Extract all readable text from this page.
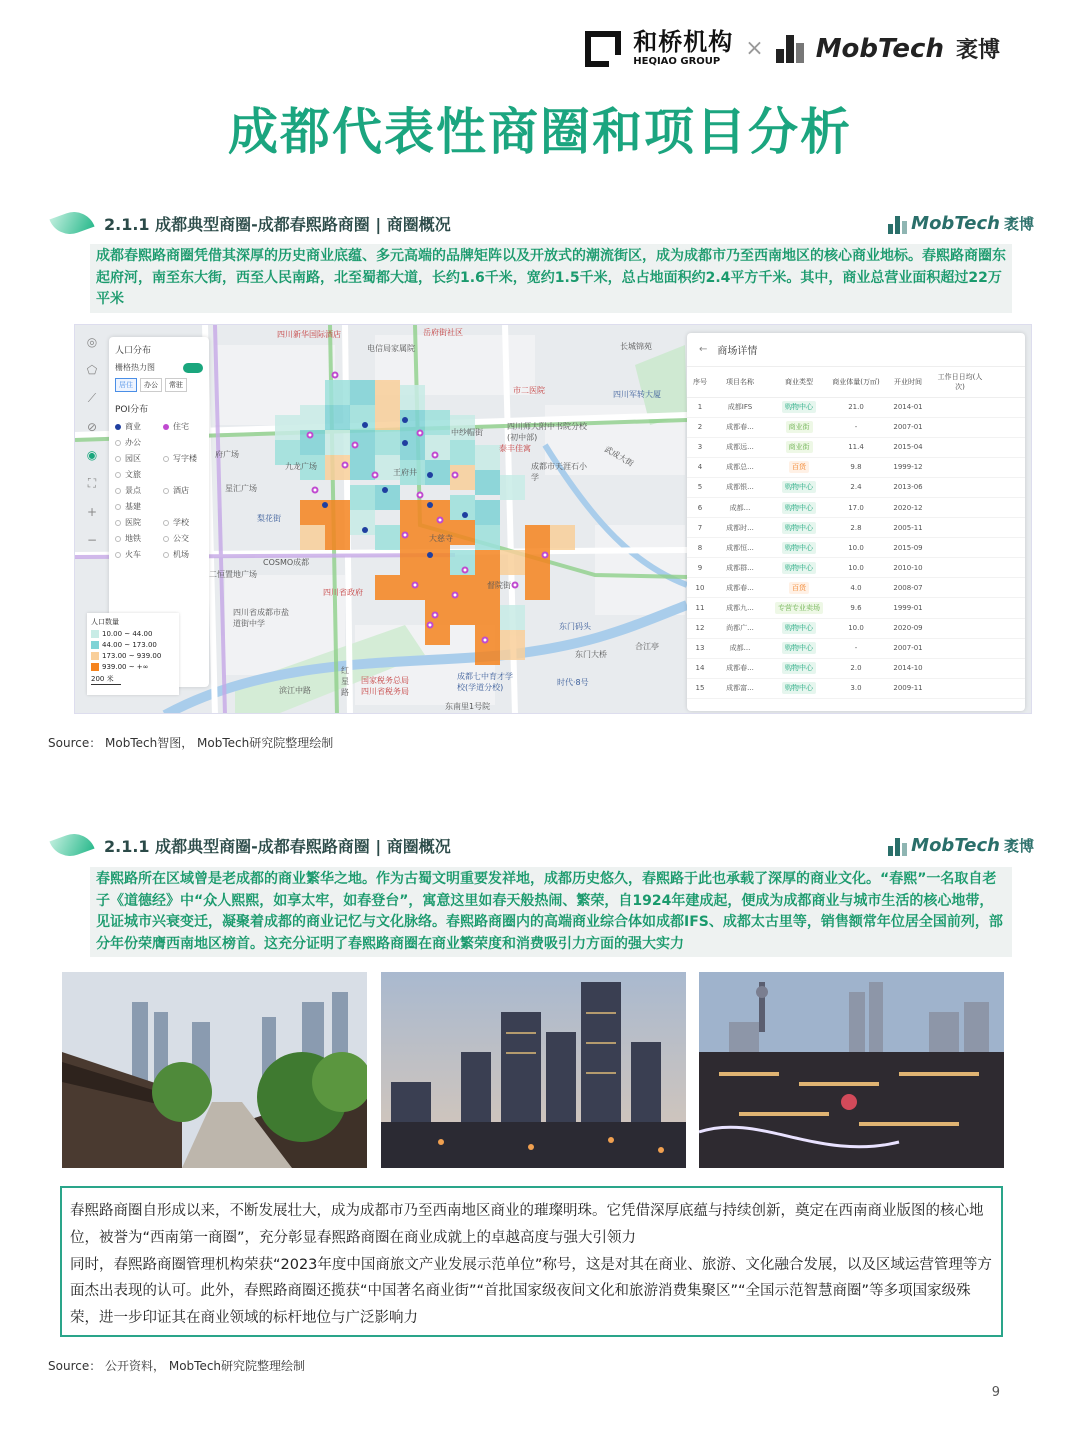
和桥机构
HEQIAO GROUP
× MobTech 袤博
成都代表性商圈和项目分析
2.1.1 成都典型商圈-成都春熙路商圈 | 商圈概况	MobTech 袤博
成都春熙路商圈凭借其深厚的历史商业底蕴、多元高端的品牌矩阵以及开放式的潮流街区，成为成都市乃至西南地区的核心商业地标。春熙路商圈东起府河，南至东大街，西至人民南路，北至蜀都大道，长约1.6千米，宽约1.5千米，总占地面积约2.4平方千米。其中，商业总营业面积超过22万平米
四川新华国际酒店
电信局家属院
岳府街社区
长城锦苑
市二医院	四川军转大厦
四川师大附中书院分校(初中部)
泰丰佳寓	武成大街
成都市天涯石小学
九龙广场
星汇广场
梨花街
COSMO成都
二恒置地广场
四川省政府
东门码头
东门大桥
时代·8号
四川省成都市盐道街中学
滨江中路
红星路
国家税务总局四川省税务局
东南里1号院
成都七中育才学校(学道分校)
大慈寺
王府井
合江亭
中纱帽街
督院街
府广场
◎
⬠
⟋
⊘
◉
⛶
+
−
人口分布
栅格热力图
居住	办公	常驻
POI分布
商业	住宅
办公
园区	写字楼
文旅
景点	酒店
基建
医院	学校
地铁	公交
火车	机场
人口数量
10.00 ~ 44.00
44.00 ~ 173.00
173.00 ~ 939.00
939.00 ~ +∞
200 米
← 商场详情
序号	项目名称	商业类型	商业体量(万㎡)	开业时间	工作日日均(人次)	
1	成都IFS	购物中心	21.0	2014-01		
2	成都春...	商业街	-	2007-01		
3	成都远...	商业街	11.4	2015-04		
4	成都总...	百货	9.8	1999-12		
5	成都银...	购物中心	2.4	2013-06		
6	成都...	购物中心	17.0	2020-12		
7	成都时...	购物中心	2.8	2005-11		
8	成都恒...	购物中心	10.0	2015-09		
9	成都群...	购物中心	10.0	2010-10		
10	成都春...	百货	4.0	2008-07		
11	成都九...	专营专业卖场	9.6	1999-01		
12	尚都广...	购物中心	10.0	2020-09		
13	成都...	购物中心	-	2007-01		
14	成都春...	购物中心	2.0	2014-10		
15	成都富...	购物中心	3.0	2009-11		
Source： MobTech智图， MobTech研究院整理绘制
2.1.1 成都典型商圈-成都春熙路商圈 | 商圈概况	MobTech 袤博
春熙路所在区域曾是老成都的商业繁华之地。作为古蜀文明重要发祥地，成都历史悠久，春熙路于此也承载了深厚的商业文化。“春熙”一名取自老子《道德经》中“众人熙熙，如享太牢，如春登台”，寓意这里如春天般热闹、繁荣，自1924年建成起，便成为成都商业与城市生活的核心地带，见证城市兴衰变迁，凝聚着成都的商业记忆与文化脉络。春熙路商圈内的高端商业综合体如成都IFS、成都太古里等，销售额常年位居全国前列，部分年份荣膺西南地区榜首。这充分证明了春熙路商圈在商业繁荣度和消费吸引力方面的强大实力

春熙路商圈自形成以来，不断发展壮大，成为成都市乃至西南地区商业的璀璨明珠。它凭借深厚底蕴与持续创新，奠定在西南商业版图的核心地位，被誉为“西南第一商圈”，充分彰显春熙路商圈在商业成就上的卓越高度与强大引领力

同时，春熙路商圈管理机构荣获“2023年度中国商旅文产业发展示范单位”称号，这是对其在商业、旅游、文化融合发展，以及区域运营管理等方面杰出表现的认可。此外，春熙路商圈还揽获“中国著名商业街”“首批国家级夜间文化和旅游消费集聚区”“全国示范智慧商圈”等多项国家级殊荣，进一步印证其在商业领域的标杆地位与广泛影响力

Source： 公开资料， MobTech研究院整理绘制
9
